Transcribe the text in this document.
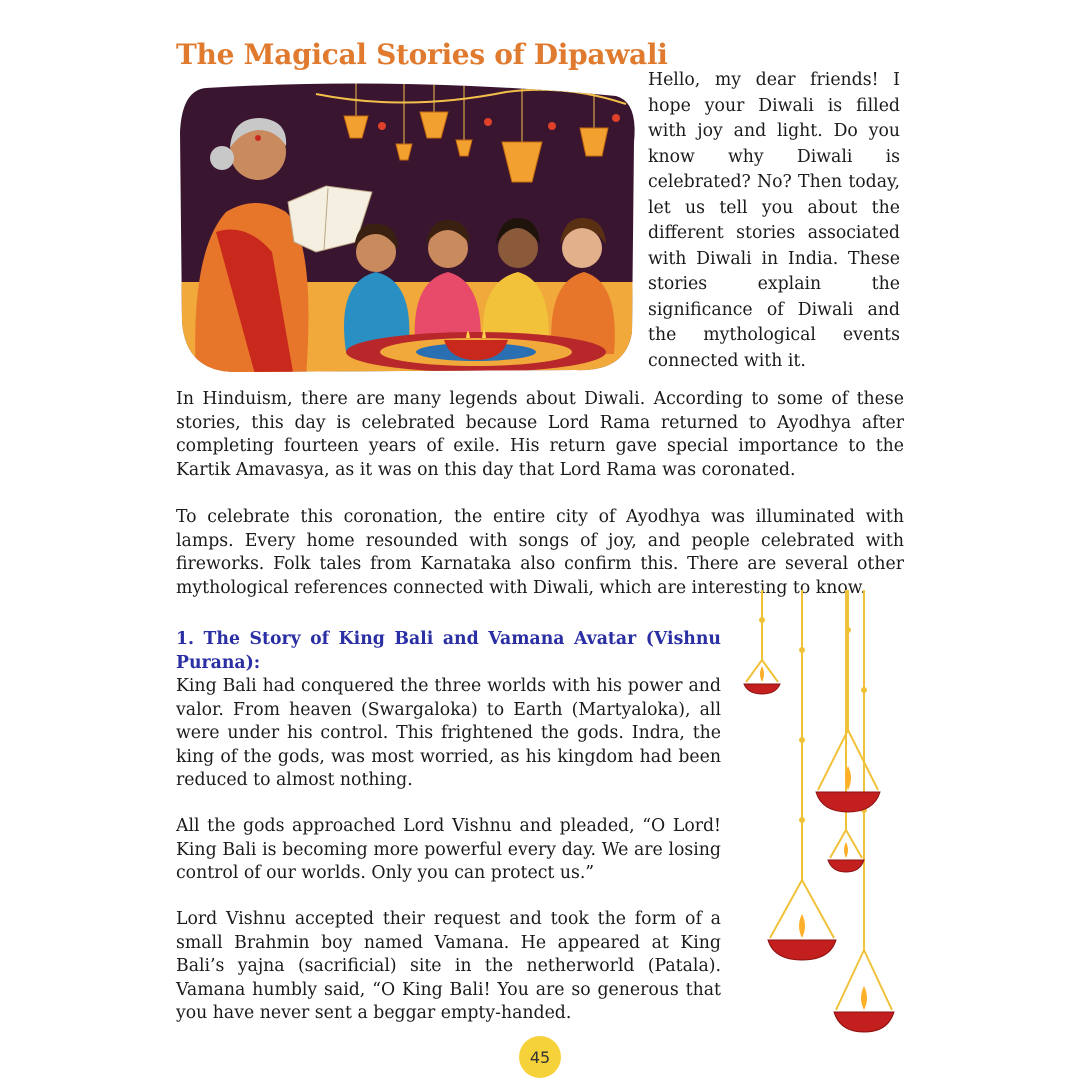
The Magical Stories of Dipawali

Hello, my dear friends! I hope your Diwali is filled with joy and light. Do you know why Diwali is celebrated? No? Then today, let us tell you about the different stories associated with Diwali in India. These stories explain the significance of Diwali and the mythological events connected with it.

In Hinduism, there are many legends about Diwali. According to some of these stories, this day is celebrated because Lord Rama returned to Ayodhya after completing fourteen years of exile. His return gave special importance to the Kartik Amavasya, as it was on this day that Lord Rama was coronated.

To celebrate this coronation, the entire city of Ayodhya was illuminated with lamps. Every home resounded with songs of joy, and people celebrated with fireworks. Folk tales from Karnataka also confirm this. There are several other mythological references connected with Diwali, which are interesting to know.

1. The Story of King Bali and Vamana Avatar (Vishnu Purana):

King Bali had conquered the three worlds with his power and valor. From heaven (Swargaloka) to Earth (Martyaloka), all were under his control. This frightened the gods. Indra, the king of the gods, was most worried, as his kingdom had been reduced to almost nothing.

All the gods approached Lord Vishnu and pleaded, “O Lord! King Bali is becoming more powerful every day. We are losing control of our worlds. Only you can protect us.”

Lord Vishnu accepted their request and took the form of a small Brahmin boy named Vamana. He appeared at King Bali’s yajna (sacrificial) site in the netherworld (Patala). Vamana humbly said, “O King Bali! You are so generous that you have never sent a beggar empty-handed.

45
